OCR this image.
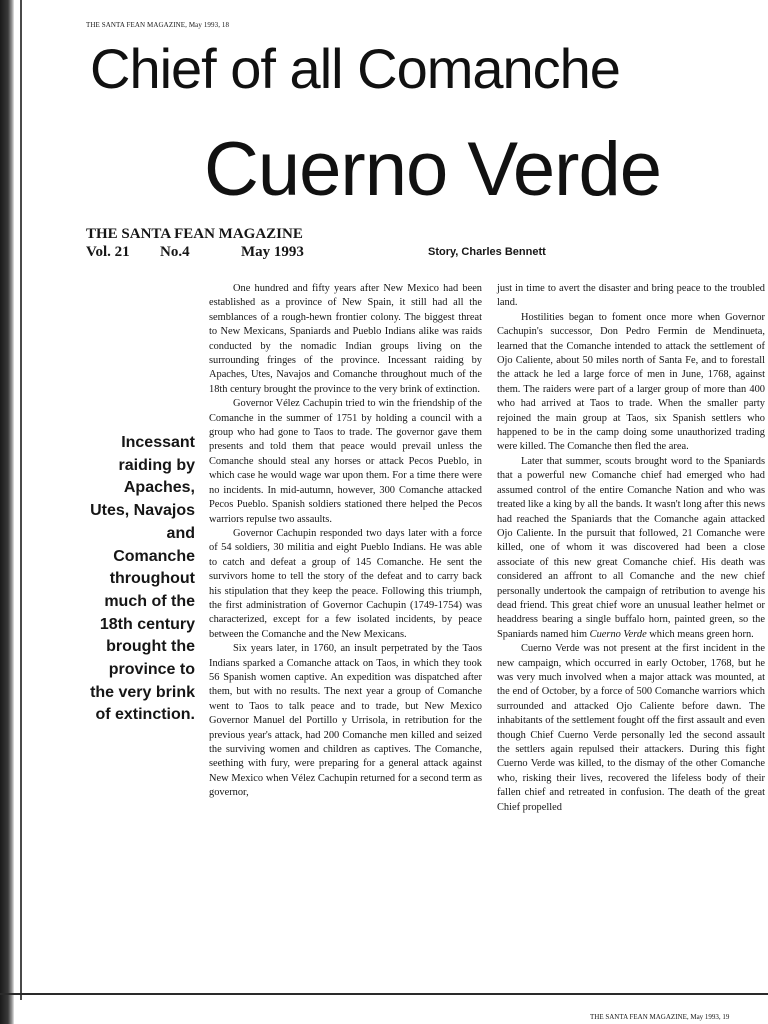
THE SANTA FEAN MAGAZINE, May 1993, 18
Chief of all Comanche
Cuerno Verde
THE SANTA FEAN MAGAZINE
Vol. 21 No.4	May 1993	Story, Charles Bennett
Incessant
raiding by
Apaches,
Utes, Navajos
and
Comanche
throughout
much of the
18th century
brought the
province to
the very brink
of extinction.

One hundred and fifty years after New Mexico had been established as a province of New Spain, it still had all the semblances of a rough-hewn frontier colony. The biggest threat to New Mexicans, Spaniards and Pueblo Indians alike was raids conducted by the nomadic Indian groups living on the surrounding fringes of the province. Incessant raiding by Apaches, Utes, Navajos and Comanche throughout much of the 18th century brought the province to the very brink of extinction.

Governor Vélez Cachupin tried to win the friendship of the Comanche in the summer of 1751 by holding a council with a group who had gone to Taos to trade. The governor gave them presents and told them that peace would prevail unless the Comanche should steal any horses or attack Pecos Pueblo, in which case he would wage war upon them. For a time there were no incidents. In mid-autumn, however, 300 Comanche attacked Pecos Pueblo. Spanish soldiers stationed there helped the Pecos warriors repulse two assaults.

Governor Cachupin responded two days later with a force of 54 soldiers, 30 militia and eight Pueblo Indians. He was able to catch and defeat a group of 145 Comanche. He sent the survivors home to tell the story of the defeat and to carry back his stipulation that they keep the peace. Following this triumph, the first administration of Governor Cachupin (1749-1754) was characterized, except for a few isolated incidents, by peace between the Comanche and the New Mexicans.

Six years later, in 1760, an insult perpetrated by the Taos Indians sparked a Comanche attack on Taos, in which they took 56 Spanish women captive. An expedition was dispatched after them, but with no results. The next year a group of Comanche went to Taos to talk peace and to trade, but New Mexico Governor Manuel del Portillo y Urrisola, in retribution for the previous year's attack, had 200 Comanche men killed and seized the surviving women and children as captives. The Comanche, seething with fury, were preparing for a general attack against New Mexico when Vélez Cachupin returned for a second term as governor,

just in time to avert the disaster and bring peace to the troubled land.

Hostilities began to foment once more when Governor Cachupin's successor, Don Pedro Fermin de Mendinueta, learned that the Comanche intended to attack the settlement of Ojo Caliente, about 50 miles north of Santa Fe, and to forestall the attack he led a large force of men in June, 1768, against them. The raiders were part of a larger group of more than 400 who had arrived at Taos to trade. When the smaller party rejoined the main group at Taos, six Spanish settlers who happened to be in the camp doing some unauthorized trading were killed. The Comanche then fled the area.

Later that summer, scouts brought word to the Spaniards that a powerful new Comanche chief had emerged who had assumed control of the entire Comanche Nation and who was treated like a king by all the bands. It wasn't long after this news had reached the Spaniards that the Comanche again attacked Ojo Caliente. In the pursuit that followed, 21 Comanche were killed, one of whom it was discovered had been a close associate of this new great Comanche chief. His death was considered an affront to all Comanche and the new chief personally undertook the campaign of retribution to avenge his dead friend. This great chief wore an unusual leather helmet or headdress bearing a single buffalo horn, painted green, so the Spaniards named him Cuerno Verde which means green horn.

Cuerno Verde was not present at the first incident in the new campaign, which occurred in early October, 1768, but he was very much involved when a major attack was mounted, at the end of October, by a force of 500 Comanche warriors which surrounded and attacked Ojo Caliente before dawn. The inhabitants of the settlement fought off the first assault and even though Chief Cuerno Verde personally led the second assault the settlers again repulsed their attackers. During this fight Cuerno Verde was killed, to the dismay of the other Comanche who, risking their lives, recovered the lifeless body of their fallen chief and retreated in confusion. The death of the great Chief propelled

THE SANTA FEAN MAGAZINE, May 1993, 19
